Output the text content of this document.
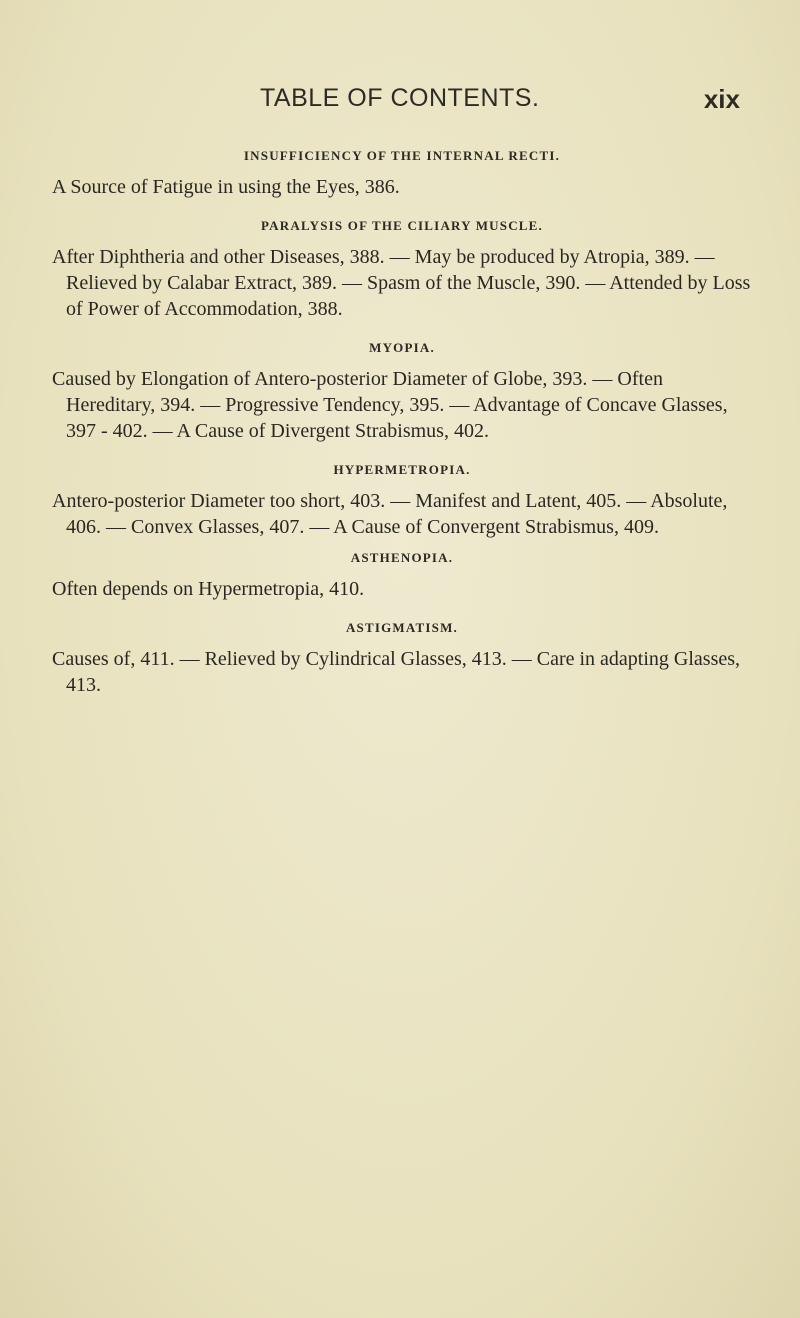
TABLE OF CONTENTS.	xix

INSUFFICIENCY OF THE INTERNAL RECTI.

A Source of Fatigue in using the Eyes, 386.

PARALYSIS OF THE CILIARY MUSCLE.

After Diphtheria and other Diseases, 388. — May be produced by Atropia, 389. — Relieved by Calabar Extract, 389. — Spasm of the Muscle, 390. — Attended by Loss of Power of Accommodation, 388.

MYOPIA.

Caused by Elongation of Antero-posterior Diameter of Globe, 393. — Often Hereditary, 394. — Progressive Tendency, 395. — Advantage of Concave Glasses, 397 - 402. — A Cause of Divergent Strabismus, 402.

HYPERMETROPIA.

Antero-posterior Diameter too short, 403. — Manifest and Latent, 405. — Absolute, 406. — Convex Glasses, 407. — A Cause of Convergent Strabismus, 409.

ASTHENOPIA.

Often depends on Hypermetropia, 410.

ASTIGMATISM.

Causes of, 411. — Relieved by Cylindrical Glasses, 413. — Care in adapting Glasses, 413.
